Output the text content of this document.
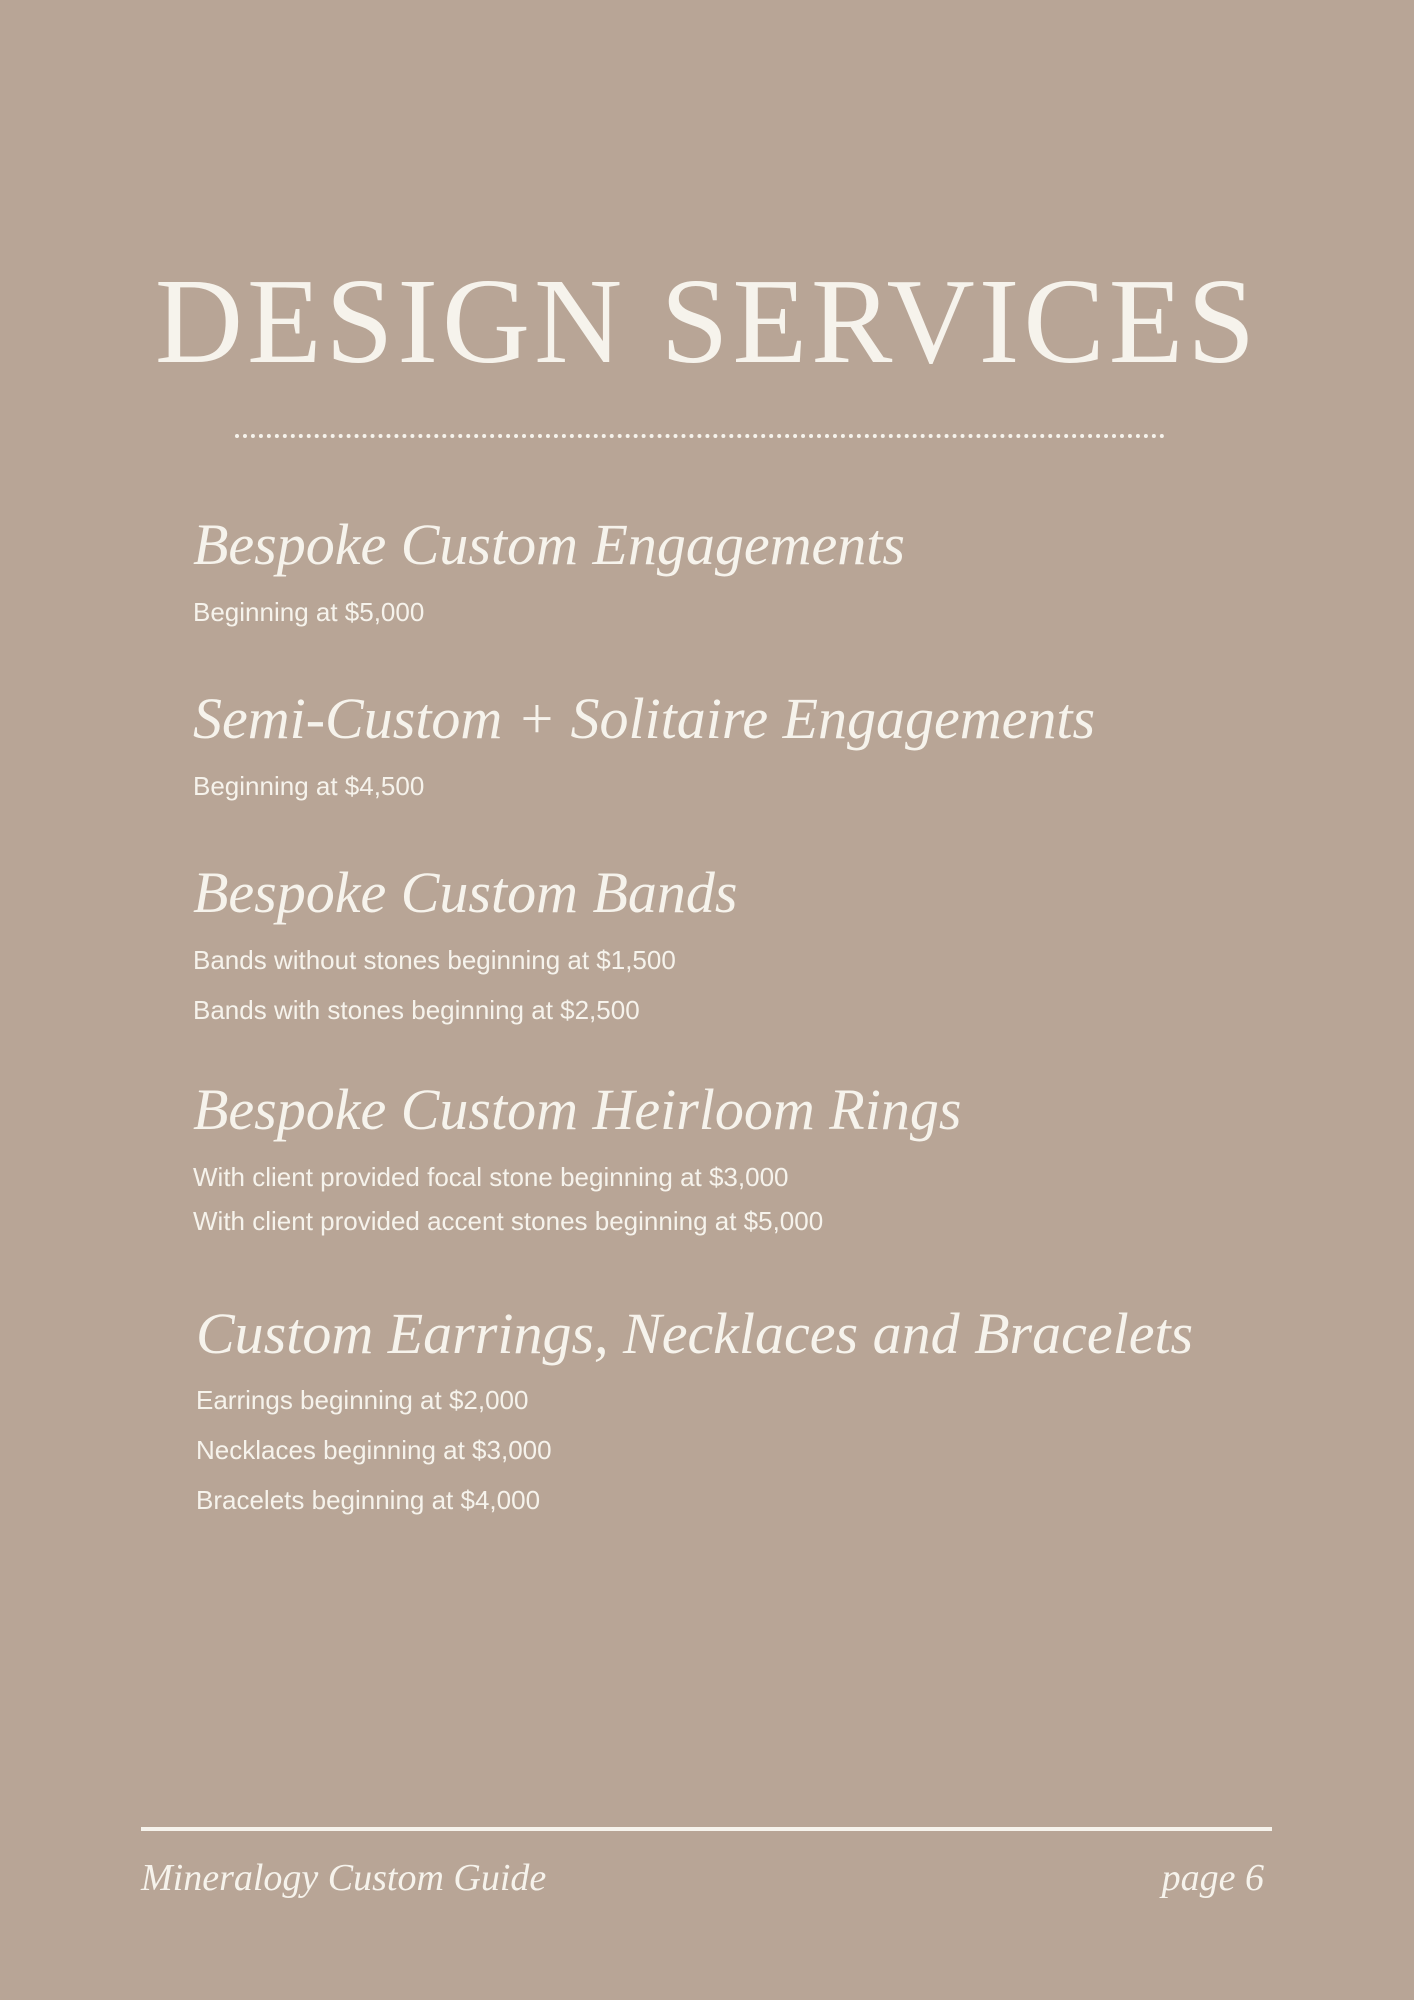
DESIGN SERVICES
Bespoke Custom Engagements

Beginning at $5,000

Semi-Custom + Solitaire Engagements

Beginning at $4,500

Bespoke Custom Bands

Bands without stones beginning at $1,500

Bands with stones beginning at $2,500

Bespoke Custom Heirloom Rings

With client provided focal stone beginning at $3,000

With client provided accent stones beginning at $5,000

Custom Earrings, Necklaces and Bracelets

Earrings beginning at $2,000

Necklaces beginning at $3,000

Bracelets beginning at $4,000

Mineralogy Custom Guide	page 6
